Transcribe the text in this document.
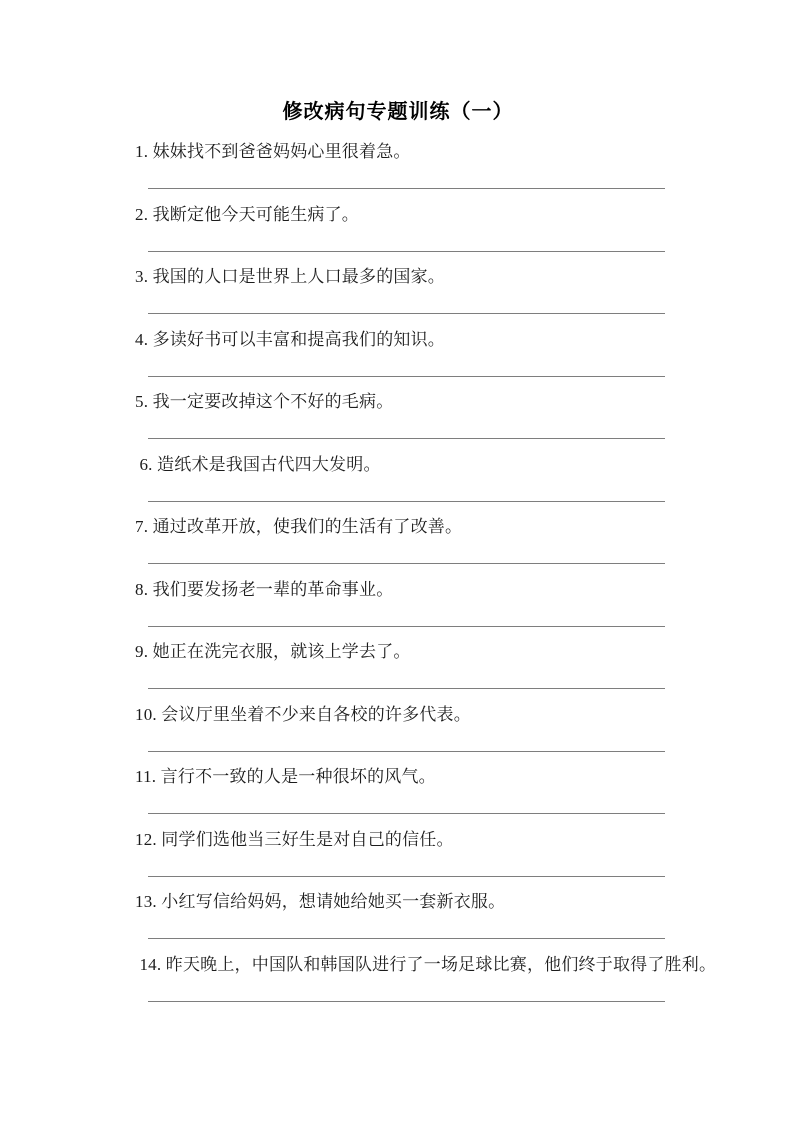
修改病句专题训练（一）

1. 妹妹找不到爸爸妈妈心里很着急。

2. 我断定他今天可能生病了。

3. 我国的人口是世界上人口最多的国家。

4. 多读好书可以丰富和提高我们的知识。

5. 我一定要改掉这个不好的毛病。

6. 造纸术是我国古代四大发明。

7. 通过改革开放，使我们的生活有了改善。

8. 我们要发扬老一辈的革命事业。

9. 她正在洗完衣服，就该上学去了。

10. 会议厅里坐着不少来自各校的许多代表。

11. 言行不一致的人是一种很坏的风气。

12. 同学们选他当三好生是对自己的信任。

13. 小红写信给妈妈，想请她给她买一套新衣服。

14. 昨天晚上，中国队和韩国队进行了一场足球比赛，他们终于取得了胜利。
